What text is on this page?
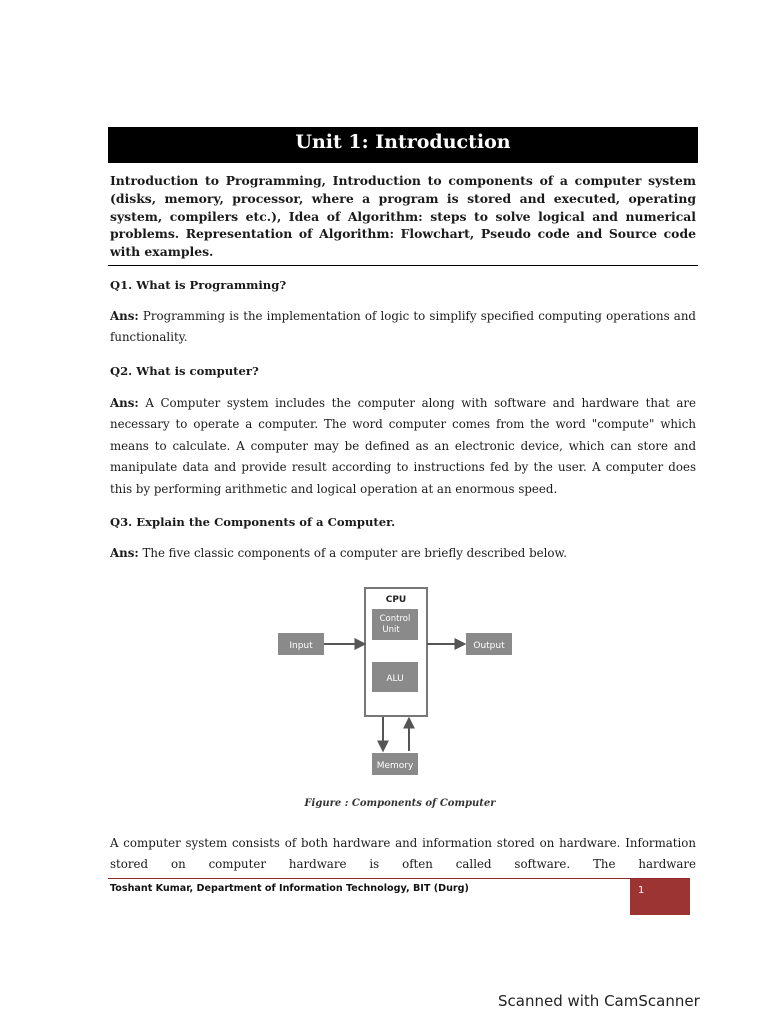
Unit 1: Introduction
Introduction to Programming, Introduction to components of a computer system (disks, memory, processor, where a program is stored and executed, operating system, compilers etc.), Idea of Algorithm: steps to solve logical and numerical problems. Representation of Algorithm: Flowchart, Pseudo code and Source code with examples.
Q1. What is Programming?
Ans: Programming is the implementation of logic to simplify specified computing operations and functionality.
Q2. What is computer?
Ans: A Computer system includes the computer along with software and hardware that are necessary to operate a computer. The word computer comes from the word "compute" which means to calculate. A computer may be defined as an electronic device, which can store and manipulate data and provide result according to instructions fed by the user. A computer does this by performing arithmetic and logical operation at an enormous speed.
Q3. Explain the Components of a Computer.
Ans: The five classic components of a computer are briefly described below.
CPU
Control
Unit
ALU
Input	Output
Memory
Figure : Components of Computer
A computer system consists of both hardware and information stored on hardware. Information stored on computer hardware is often called software. The hardware
Toshant Kumar, Department of Information Technology, BIT (Durg)	1
Scanned with CamScanner
